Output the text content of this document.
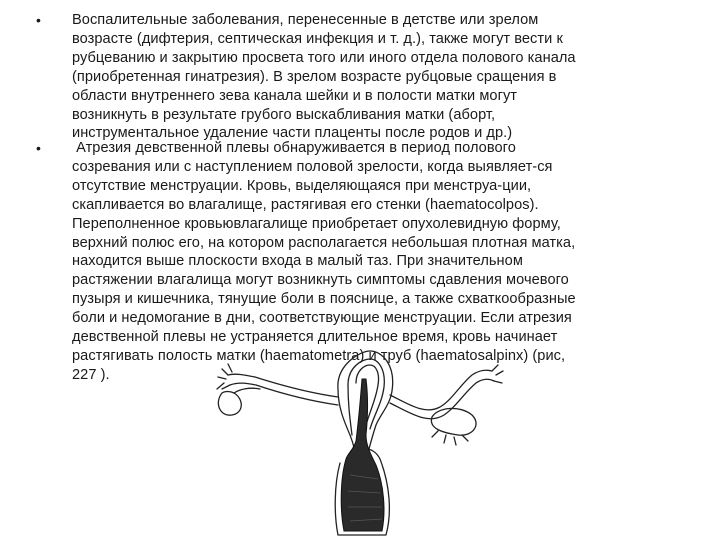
•	Воспалительные заболевания, перенесенные в детстве или зрелом
возрасте (дифтерия, септическая инфекция и т. д.), также могут вести к
рубцеванию и закрытию просвета того или иного отдела полового канала
(приобретенная гинатрезия). В зрелом возрасте рубцовые сращения в
области внутреннего зева канала шейки и в полости матки могут
возникнуть в результате грубого выскабливания матки (аборт,
инструментальное удаление части плаценты после родов и др.)
•	Атрезия девственной плевы обнаруживается в период полового
созревания или с наступлением половой зрелости, когда выявляет-ся
отсутствие менструации. Кровь, выделяющаяся при менструа-ции,
скапливается во влагалище, растягивая его стенки (haematocolpos).
Переполненное кровьювлагалище приобретает опухолевидную форму,
верхний полюс его, на котором располагается небольшая плотная матка,
находится выше плоскости входа в малый таз. При значительном
растяжении влагалища могут возникнуть симптомы сдавления мочевого
пузыря и кишечника, тянущие боли в пояснице, а также схваткообразные
боли и недомогание в дни, соответствующие менструации. Если атрезия
девственной плевы не устраняется длительное время, кровь начинает
растягивать полость матки (haematometra) и труб (haematosalpinx) (рис,
227 ).
